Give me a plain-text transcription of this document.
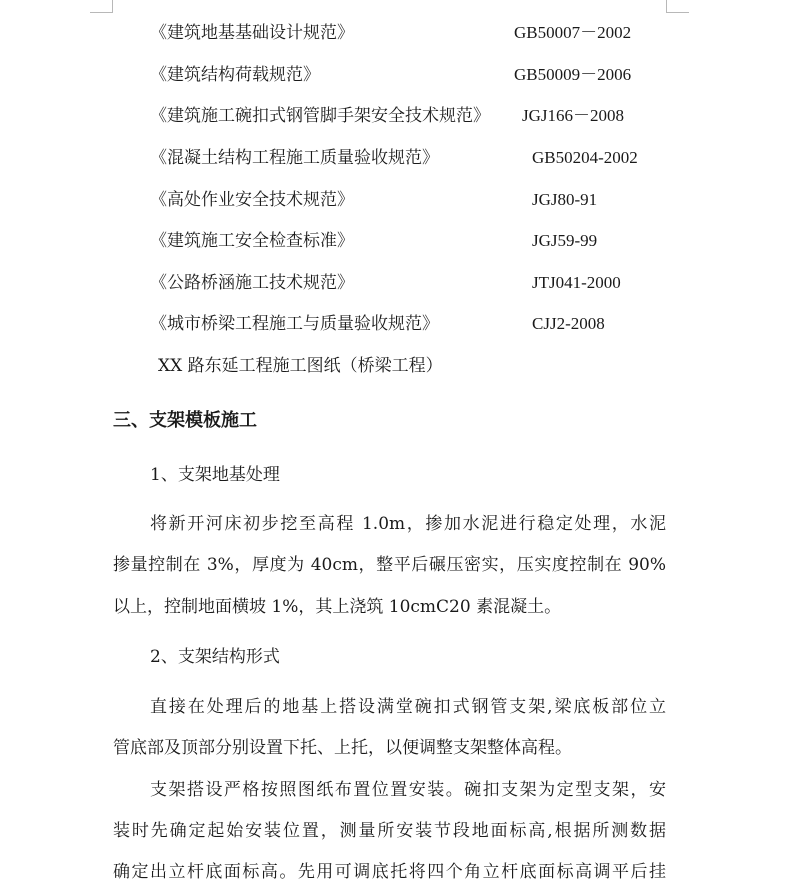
《建筑地基基础设计规范》	GB50007－2002
《建筑结构荷载规范》	GB50009－2006
《建筑施工碗扣式钢管脚手架安全技术规范》 JGJ166－2008
《混凝土结构工程施工质量验收规范》	GB50204-2002
《高处作业安全技术规范》	JGJ80-91
《建筑施工安全检查标准》	JGJ59-99
《公路桥涵施工技术规范》	JTJ041-2000
《城市桥梁工程施工与质量验收规范》	CJJ2-2008
XX 路东延工程施工图纸（桥梁工程）
三、支架模板施工
1、支架地基处理
将新开河床初步挖至高程 1.0m，掺加水泥进行稳定处理，水泥
掺量控制在 3%，厚度为 40cm，整平后碾压密实，压实度控制在 90%
以上，控制地面横坡 1%，其上浇筑 10cmC20 素混凝土。
2、支架结构形式
直接在处理后的地基上搭设满堂碗扣式钢管支架,梁底板部位立
管底部及顶部分别设置下托、上托，以便调整支架整体高程。
支架搭设严格按照图纸布置位置安装。碗扣支架为定型支架，安
装时先确定起始安装位置，测量所安装节段地面标高,根据所测数据
确定出立杆底面标高。先用可调底托将四个角立杆底面标高调平后挂
